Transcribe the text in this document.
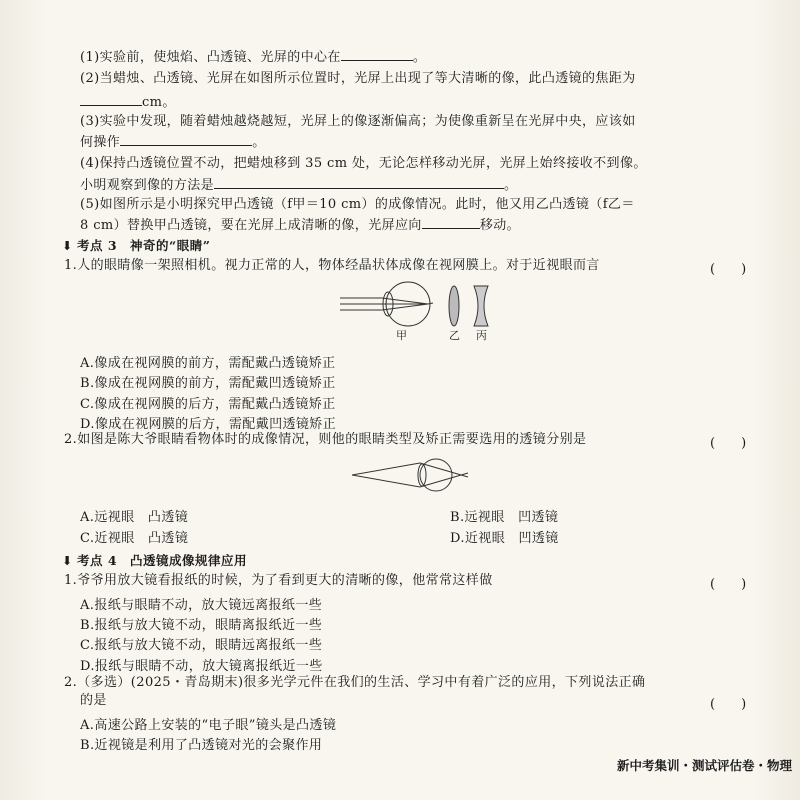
(1)实验前，使烛焰、凸透镜、光屏的中心在	。
(2)当蜡烛、凸透镜、光屏在如图所示位置时，光屏上出现了等大清晰的像，此凸透镜的焦距为
cm。
(3)实验中发现，随着蜡烛越烧越短，光屏上的像逐渐偏高；为使像重新呈在光屏中央，应该如
何操作	。
(4)保持凸透镜位置不动，把蜡烛移到 35 cm 处，无论怎样移动光屏，光屏上始终接收不到像。
小明观察到像的方法是	。
(5)如图所示是小明探究甲凸透镜（f甲＝10 cm）的成像情况。此时，他又用乙凸透镜（f乙＝
8 cm）替换甲凸透镜，要在光屏上成清晰的像，光屏应向	移动。
⬇ 考点 3　神奇的“眼睛”
1.人的眼睛像一架照相机。视力正常的人，物体经晶状体成像在视网膜上。对于近视眼而言	(　　)
甲	乙 丙
A.像成在视网膜的前方，需配戴凸透镜矫正
B.像成在视网膜的前方，需配戴凹透镜矫正
C.像成在视网膜的后方，需配戴凸透镜矫正
D.像成在视网膜的后方，需配戴凹透镜矫正
2.如图是陈大爷眼睛看物体时的成像情况，则他的眼睛类型及矫正需要选用的透镜分别是	(　　)
A.远视眼　凸透镜	B.远视眼　凹透镜
C.近视眼　凸透镜	D.近视眼　凹透镜
⬇ 考点 4　凸透镜成像规律应用
1.爷爷用放大镜看报纸的时候，为了看到更大的清晰的像，他常常这样做	(　　)
A.报纸与眼睛不动，放大镜远离报纸一些
B.报纸与放大镜不动，眼睛离报纸近一些
C.报纸与放大镜不动，眼睛远离报纸一些
D.报纸与眼睛不动，放大镜离报纸近一些
2.（多选）(2025・青岛期末)很多光学元件在我们的生活、学习中有着广泛的应用，下列说法正确
的是	(　　)
A.高速公路上安装的“电子眼”镜头是凸透镜
B.近视镜是利用了凸透镜对光的会聚作用
新中考集训・测试评估卷・物理
